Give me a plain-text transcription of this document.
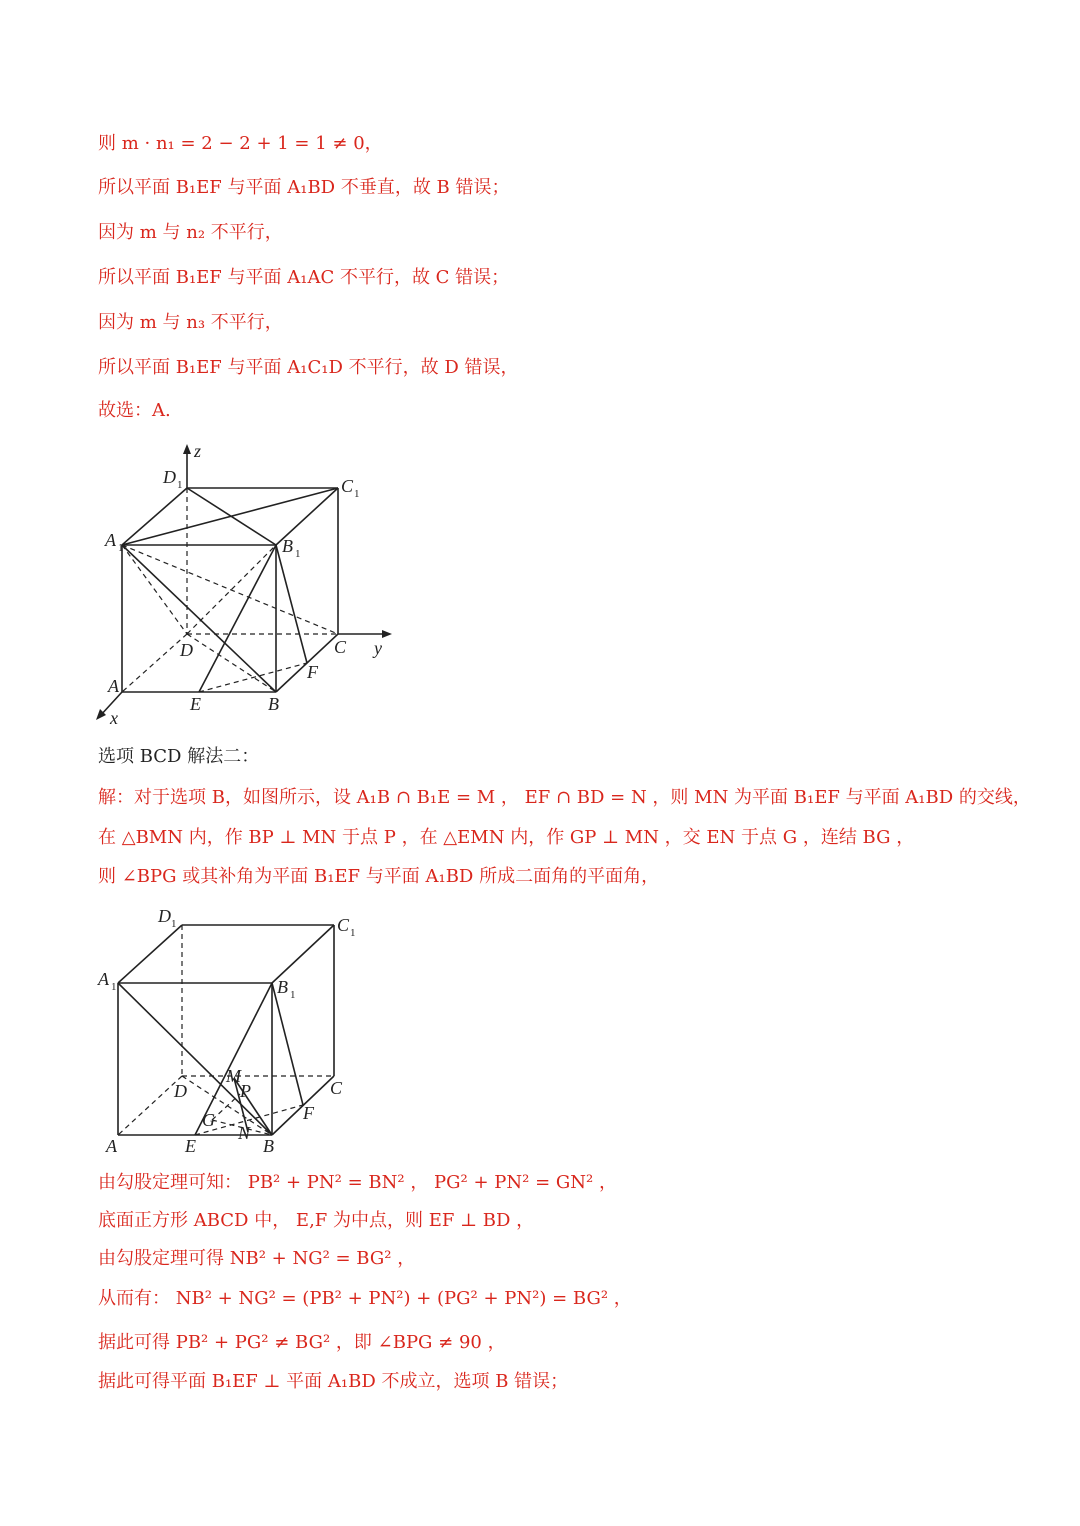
则 m · n₁ = 2 − 2 + 1 = 1 ≠ 0，
所以平面 B₁EF 与平面 A₁BD 不垂直，故 B 错误；
因为 m 与 n₂ 不平行，
所以平面 B₁EF 与平面 A₁AC 不平行，故 C 错误；
因为 m 与 n₃ 不平行，
所以平面 B₁EF 与平面 A₁C₁D 不平行，故 D 错误，
故选：A.
z
y
x
D 1	C 1
A 1	B 1
D	C
A
B
E
F
选项 BCD 解法二：
解：对于选项 B，如图所示，设 A₁B ∩ B₁E = M ， EF ∩ BD = N ，则 MN 为平面 B₁EF 与平面 A₁BD 的交线，
在 △BMN 内，作 BP ⊥ MN 于点 P ，在 △EMN 内，作 GP ⊥ MN ，交 EN 于点 G ，连结 BG ，
则 ∠BPG 或其补角为平面 B₁EF 与平面 A₁BD 所成二面角的平面角，
D 1	C 1
A 1	B 1
D	C
A	B
E
F
M
P
G
N
由勾股定理可知： PB² + PN² = BN² ， PG² + PN² = GN² ，
底面正方形 ABCD 中， E,F 为中点，则 EF ⊥ BD ，
由勾股定理可得 NB² + NG² = BG² ，
从而有： NB² + NG² = (PB² + PN²) + (PG² + PN²) = BG² ，
据此可得 PB² + PG² ≠ BG² ，即 ∠BPG ≠ 90 ，
据此可得平面 B₁EF ⊥ 平面 A₁BD 不成立，选项 B 错误；
